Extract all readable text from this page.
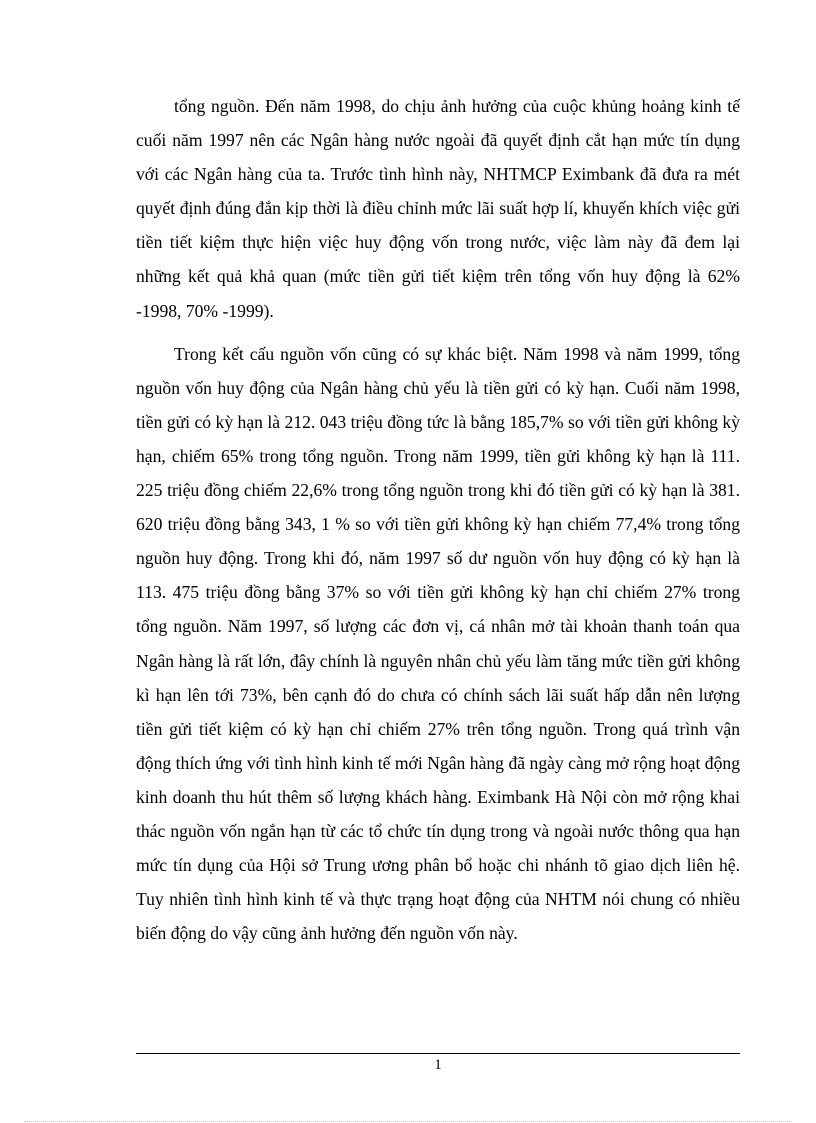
tổng nguồn. Đến năm 1998, do chịu ảnh hưởng của cuộc khủng hoảng kinh tế cuối năm 1997 nên các Ngân hàng nước ngoài đã quyết định cắt hạn mức tín dụng với các Ngân hàng của ta. Trước tình hình này, NHTMCP Eximbank đã đưa ra mét quyết định đúng đắn kịp thời là điều chỉnh mức lãi suất hợp lí, khuyến khích việc gửi tiền tiết kiệm thực hiện việc huy động vốn trong nước, việc làm này đã đem lại những kết quả khả quan (mức tiền gửi tiết kiệm trên tổng vốn huy động là 62% -1998, 70% -1999).

Trong kết cấu nguồn vốn cũng có sự khác biệt. Năm 1998 và năm 1999, tổng nguồn vốn huy động của Ngân hàng chủ yếu là tiền gửi có kỳ hạn. Cuối năm 1998, tiền gửi có kỳ hạn là 212. 043 triệu đồng tức là bằng 185,7% so với tiền gửi không kỳ hạn, chiếm 65% trong tổng nguồn. Trong năm 1999, tiền gửi không kỳ hạn là 111. 225 triệu đồng chiếm 22,6% trong tổng nguồn trong khi đó tiền gửi có kỳ hạn là 381. 620 triệu đồng bằng 343, 1 % so với tiền gửi không kỳ hạn chiếm 77,4% trong tổng nguồn huy động. Trong khi đó, năm 1997 số dư nguồn vốn huy động có kỳ hạn là 113. 475 triệu đồng bằng 37% so với tiền gửi không kỳ hạn chỉ chiếm 27% trong tổng nguồn. Năm 1997, số lượng các đơn vị, cá nhân mở tài khoản thanh toán qua Ngân hàng là rất lớn, đây chính là nguyên nhân chủ yếu làm tăng mức tiền gửi không kì hạn lên tới 73%, bên cạnh đó do chưa có chính sách lãi suất hấp dẫn nên lượng tiền gửi tiết kiệm có kỳ hạn chỉ chiếm 27% trên tổng nguồn. Trong quá trình vận động thích ứng với tình hình kinh tế mới Ngân hàng đã ngày càng mở rộng hoạt động kinh doanh thu hút thêm số lượng khách hàng. Eximbank Hà Nội còn mở rộng khai thác nguồn vốn ngắn hạn từ các tổ chức tín dụng trong và ngoài nước thông qua hạn mức tín dụng của Hội sở Trung ương phân bổ hoặc chi nhánh tõ giao dịch liên hệ. Tuy nhiên tình hình kinh tế và thực trạng hoạt động của NHTM nói chung có nhiều biến động do vậy cũng ảnh hưởng đến nguồn vốn này.

1
